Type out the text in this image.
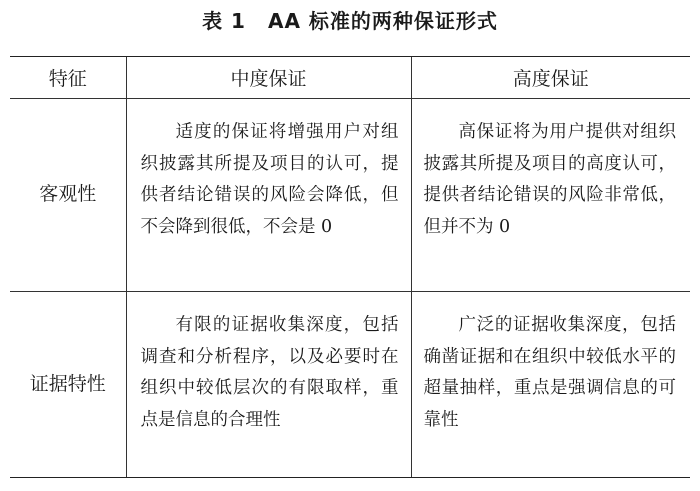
表 1 AA 标准的两种保证形式
特征	中度保证	高度保证
客观性	适度的保证将增强用户对组织披露其所提及项目的认可，提供者结论错误的风险会降低，但不会降到很低，不会是 0	高保证将为用户提供对组织披露其所提及项目的高度认可，提供者结论错误的风险非常低，但并不为 0

证据特性	有限的证据收集深度，包括调查和分析程序，以及必要时在组织中较低层次的有限取样，重点是信息的合理性	广泛的证据收集深度，包括确凿证据和在组织中较低水平的超量抽样，重点是强调信息的可靠性
